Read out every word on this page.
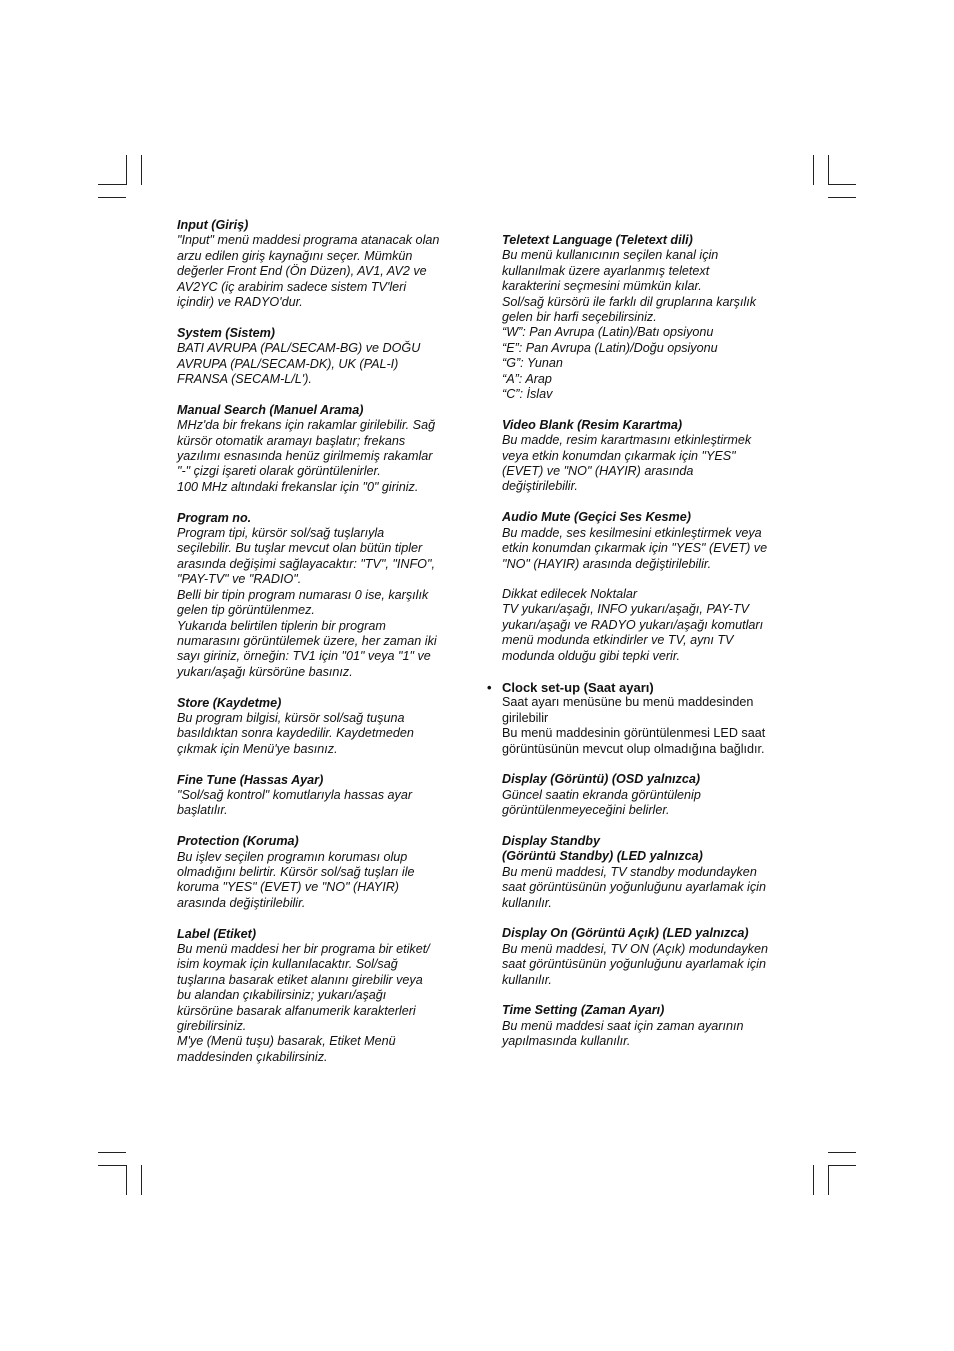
Input (Giriş)
"Input" menü maddesi programa atanacak olan
arzu edilen giriş kaynağını seçer. Mümkün
değerler Front End (Ön Düzen), AV1, AV2 ve
AV2YC (iç arabirim sadece sistem TV'leri
içindir) ve RADYO'dur.
System (Sistem)
BATI AVRUPA (PAL/SECAM-BG) ve DOĞU
AVRUPA (PAL/SECAM-DK), UK (PAL-I)
FRANSA (SECAM-L/L').
Manual Search (Manuel Arama)
MHz'da bir frekans için rakamlar girilebilir. Sağ
kürsör otomatik aramayı başlatır; frekans
yazılımı esnasında henüz girilmemiş rakamlar
"-" çizgi işareti olarak görüntülenirler.
100 MHz altındaki frekanslar için "0" giriniz.
Program no.
Program tipi, kürsör sol/sağ tuşlarıyla
seçilebilir. Bu tuşlar mevcut olan bütün tipler
arasında değişimi sağlayacaktır: "TV", "INFO",
"PAY-TV" ve "RADIO".
Belli bir tipin program numarası 0 ise, karşılık
gelen tip görüntülenmez.
Yukarıda belirtilen tiplerin bir program
numarasını görüntülemek üzere, her zaman iki
sayı giriniz, örneğin: TV1 için "01" veya "1" ve
yukarı/aşağı kürsörüne basınız.
Store (Kaydetme)
Bu program bilgisi, kürsör sol/sağ tuşuna
basıldıktan sonra kaydedilir. Kaydetmeden
çıkmak için Menü'ye basınız.
Fine Tune (Hassas Ayar)
"Sol/sağ kontrol" komutlarıyla hassas ayar
başlatılır.
Protection (Koruma)
Bu işlev seçilen programın koruması olup
olmadığını belirtir. Kürsör sol/sağ tuşları ile
koruma "YES" (EVET) ve "NO" (HAYIR)
arasında değiştirilebilir.
Label (Etiket)
Bu menü maddesi her bir programa bir etiket/
isim koymak için kullanılacaktır. Sol/sağ
tuşlarına basarak etiket alanını girebilir veya
bu alandan çıkabilirsiniz; yukarı/aşağı
kürsörüne basarak alfanumerik karakterleri
girebilirsiniz.
M'ye (Menü tuşu) basarak, Etiket Menü
maddesinden çıkabilirsiniz.
Teletext Language (Teletext dili)
Bu menü kullanıcının seçilen kanal için
kullanılmak üzere ayarlanmış teletext
karakterini seçmesini mümkün kılar.
Sol/sağ kürsörü ile farklı dil gruplarına karşılık
gelen bir harfi seçebilirsiniz.
“W”: Pan Avrupa (Latin)/Batı opsiyonu
“E”: Pan Avrupa (Latin)/Doğu opsiyonu
“G”: Yunan
“A”: Arap
“C”: İslav
Video Blank (Resim Karartma)
Bu madde, resim karartmasını etkinleştirmek
veya etkin konumdan çıkarmak için "YES"
(EVET) ve "NO" (HAYIR) arasında
değiştirilebilir.
Audio Mute (Geçici Ses Kesme)
Bu madde, ses kesilmesini etkinleştirmek veya
etkin konumdan çıkarmak için "YES" (EVET) ve
"NO" (HAYIR) arasında değiştirilebilir.
Dikkat edilecek Noktalar
TV yukarı/aşağı, INFO yukarı/aşağı, PAY-TV
yukarı/aşağı ve RADYO yukarı/aşağı komutları
menü modunda etkindirler ve TV, aynı TV
modunda olduğu gibi tepki verir.
• Clock set-up (Saat ayarı)
Saat ayarı menüsüne bu menü maddesinden
girilebilir
Bu menü maddesinin görüntülenmesi LED saat
görüntüsünün mevcut olup olmadığına bağlıdır.
Display (Görüntü) (OSD yalnızca)
Güncel saatin ekranda görüntülenip
görüntülenmeyeceğini belirler.
Display Standby
(Görüntü Standby) (LED yalnızca)
Bu menü maddesi, TV standby modundayken
saat görüntüsünün yoğunluğunu ayarlamak için
kullanılır.
Display On (Görüntü Açık) (LED yalnızca)
Bu menü maddesi, TV ON (Açık) modundayken
saat görüntüsünün yoğunluğunu ayarlamak için
kullanılır.
Time Setting (Zaman Ayarı)
Bu menü maddesi saat için zaman ayarının
yapılmasında kullanılır.
